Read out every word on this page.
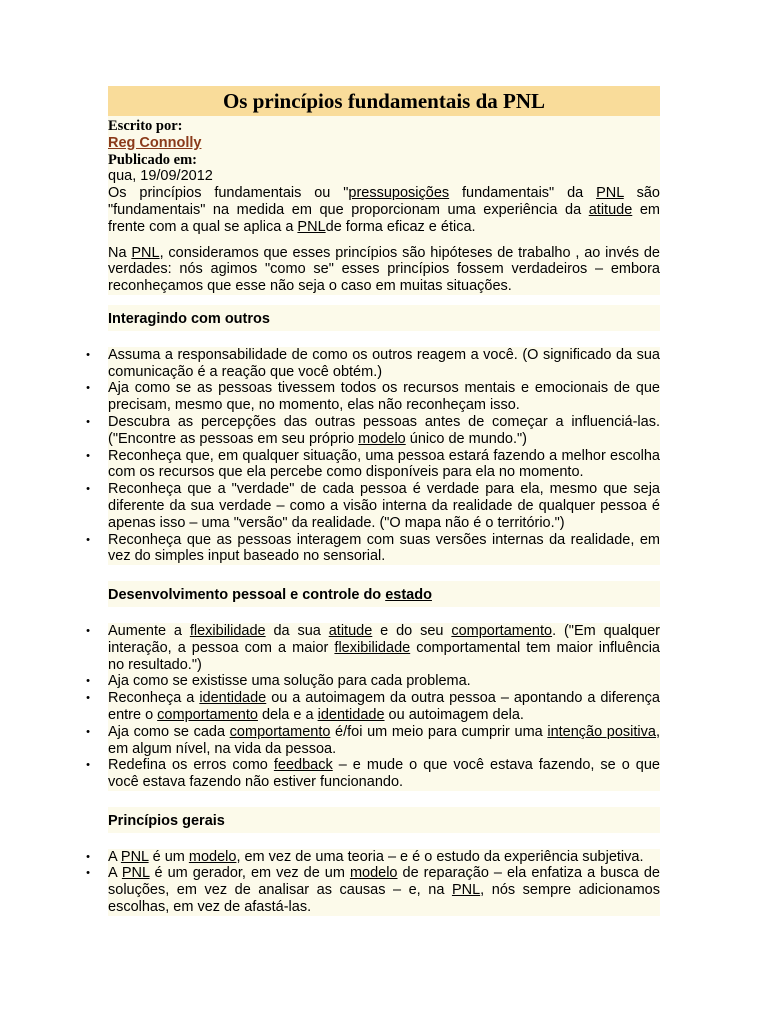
Os princípios fundamentais da PNL
Escrito por:
Reg Connolly
Publicado em:
qua, 19/09/2012

Os princípios fundamentais ou "pressuposições fundamentais" da PNL são "fundamentais" na medida em que proporcionam uma experiência da atitude em frente com a qual se aplica a PNLde forma eficaz e ética.

Na PNL, consideramos que esses princípios são hipóteses de trabalho , ao invés de verdades: nós agimos "como se" esses princípios fossem verdadeiros – embora reconheçamos que esse não seja o caso em muitas situações.

Interagindo com outros
• Assuma a responsabilidade de como os outros reagem a você. (O significado da sua comunicação é a reação que você obtém.)
• Aja como se as pessoas tivessem todos os recursos mentais e emocionais de que precisam, mesmo que, no momento, elas não reconheçam isso.
• Descubra as percepções das outras pessoas antes de começar a influenciá-las. ("Encontre as pessoas em seu próprio modelo único de mundo.")
• Reconheça que, em qualquer situação, uma pessoa estará fazendo a melhor escolha com os recursos que ela percebe como disponíveis para ela no momento.
• Reconheça que a "verdade" de cada pessoa é verdade para ela, mesmo que seja diferente da sua verdade – como a visão interna da realidade de qualquer pessoa é apenas isso – uma "versão" da realidade. ("O mapa não é o território.")
• Reconheça que as pessoas interagem com suas versões internas da realidade, em vez do simples input baseado no sensorial.
Desenvolvimento pessoal e controle do estado
• Aumente a flexibilidade da sua atitude e do seu comportamento. ("Em qualquer interação, a pessoa com a maior flexibilidade comportamental tem maior influência no resultado.")
• Aja como se existisse uma solução para cada problema.
• Reconheça a identidade ou a autoimagem da outra pessoa – apontando a diferença entre o comportamento dela e a identidade ou autoimagem dela.
• Aja como se cada comportamento é/foi um meio para cumprir uma intenção positiva, em algum nível, na vida da pessoa.
• Redefina os erros como feedback – e mude o que você estava fazendo, se o que você estava fazendo não estiver funcionando.
Princípios gerais
• A PNL é um modelo, em vez de uma teoria – e é o estudo da experiência subjetiva.
• A PNL é um gerador, em vez de um modelo de reparação – ela enfatiza a busca de soluções, em vez de analisar as causas – e, na PNL, nós sempre adicionamos escolhas, em vez de afastá-las.
